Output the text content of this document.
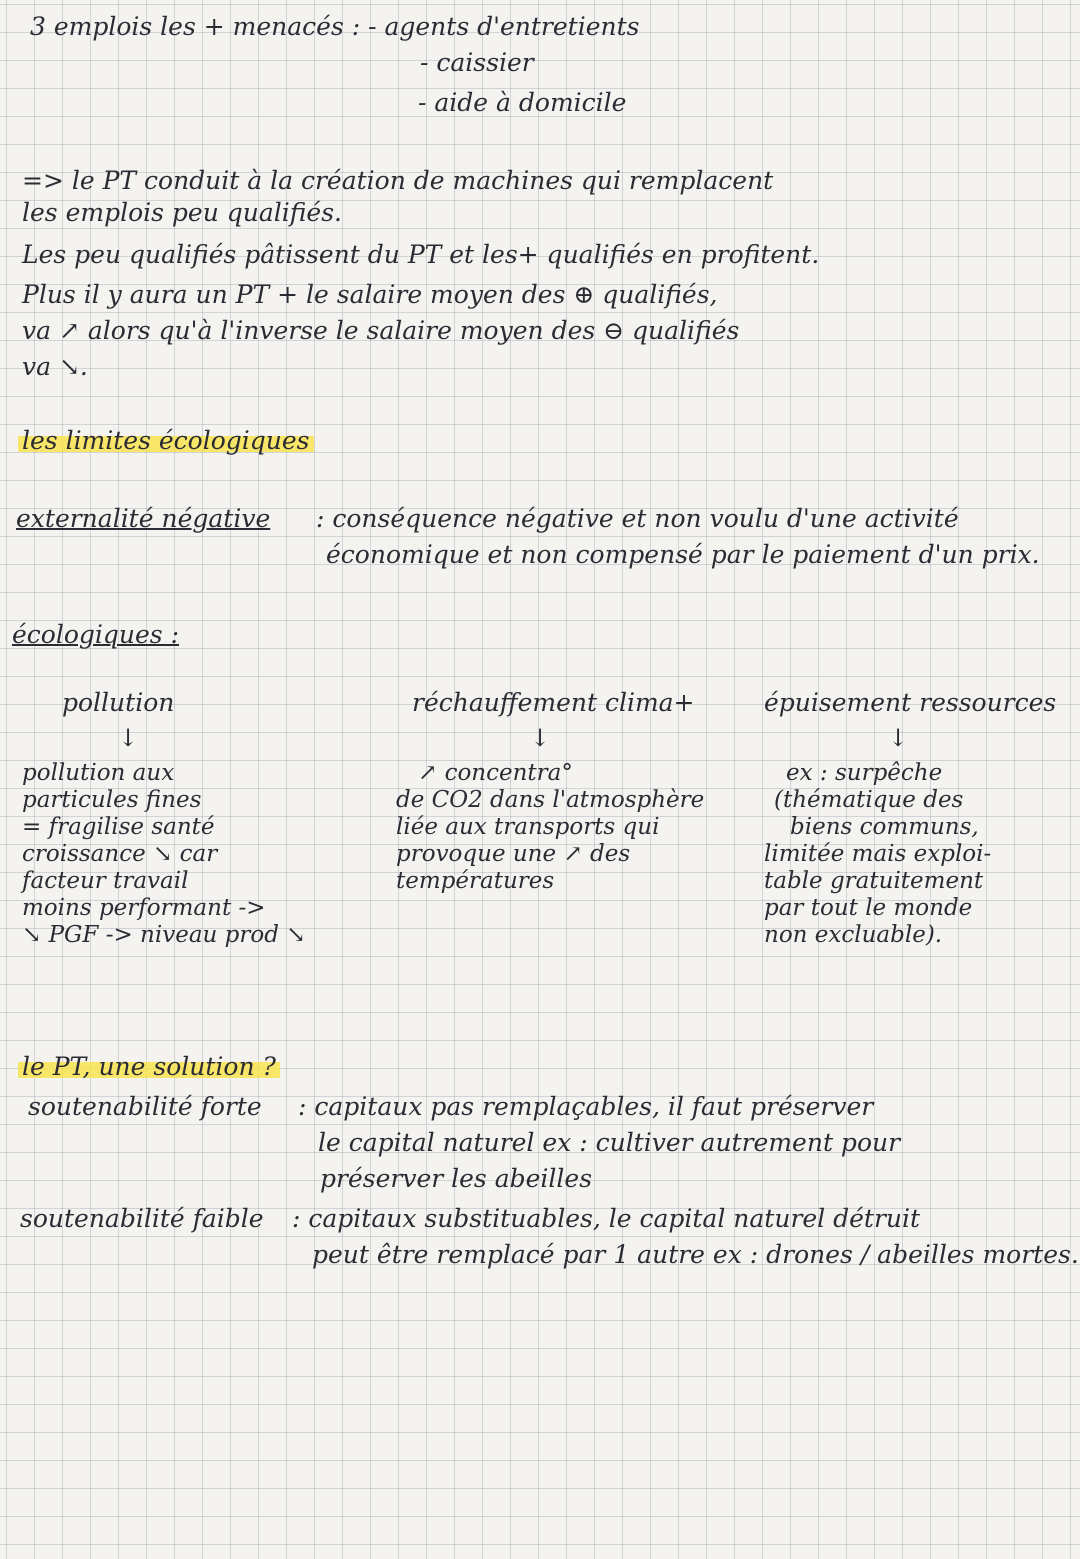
3 emplois les + menacés : - agents d'entretients
- caissier
- aide à domicile
=> le PT conduit à la création de machines qui remplacent
les emplois peu qualifiés.
Les peu qualifiés pâtissent du PT et les+ qualifiés en profitent.
Plus il y aura un PT + le salaire moyen des ⊕ qualifiés,
va ↗ alors qu'à l'inverse le salaire moyen des ⊖ qualifiés
va ↘.
les limites écologiques
externalité négative : conséquence négative et non voulu d'une activité
économique et non compensé par le paiement d'un prix.
écologiques :
pollution
↓
pollution aux
particules fines
= fragilise santé
croissance ↘ car
facteur travail
moins performant ->
↘ PGF -> niveau prod ↘
réchauffement clima+
↓
↗ concentra°
de CO2 dans l'atmosphère
liée aux transports qui
provoque une ↗ des
températures
épuisement ressources
↓
ex : surpêche
(thématique des
biens communs,
limitée mais exploi-
table gratuitement
par tout le monde
non excluable).
le PT, une solution ?
soutenabilité forte : capitaux pas remplaçables, il faut préserver
le capital naturel ex : cultiver autrement pour
préserver les abeilles
soutenabilité faible : capitaux substituables, le capital naturel détruit
peut être remplacé par 1 autre ex : drones / abeilles mortes.
